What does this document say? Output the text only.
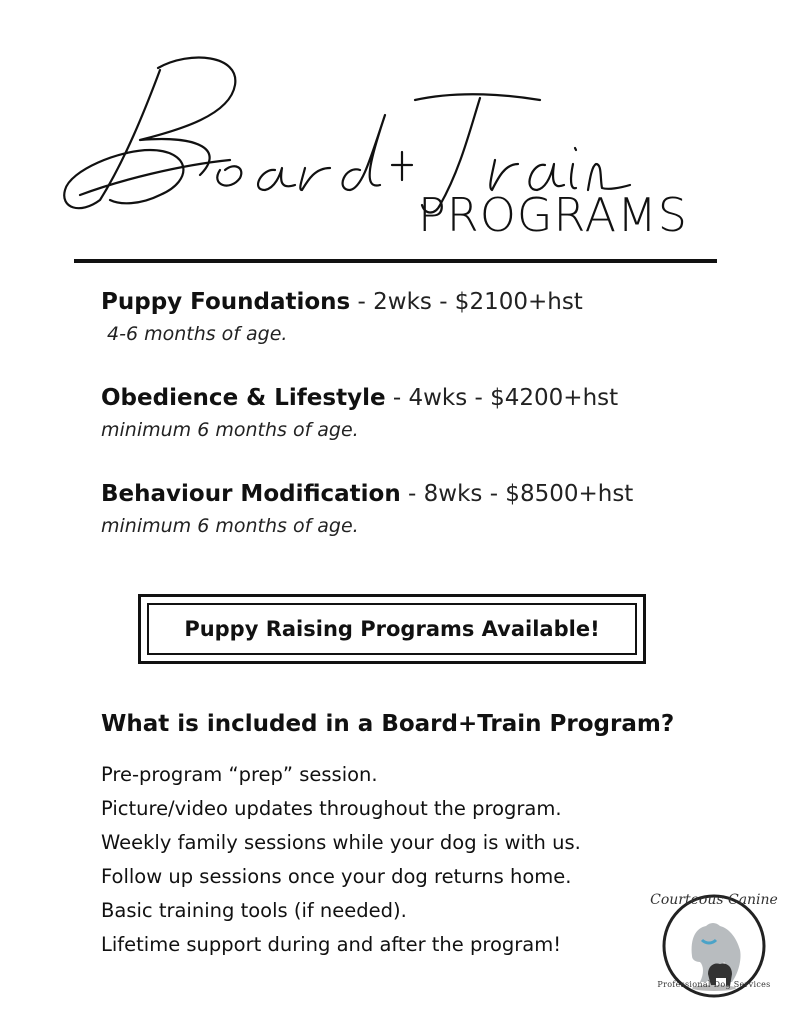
PROGRAMS
Puppy Foundations - 2wks - $2100+hst
4-6 months of age.
Obedience & Lifestyle - 4wks - $4200+hst
minimum 6 months of age.
Behaviour Modification - 8wks - $8500+hst
minimum 6 months of age.
Puppy Raising Programs Available!
What is included in a Board+Train Program?
Pre-program “prep” session.
Picture/video updates throughout the program.
Weekly family sessions while your dog is with us.
Follow up sessions once your dog returns home.
Basic training tools (if needed).
Lifetime support during and after the program!
Courteous Canine
Professional Dog Services
